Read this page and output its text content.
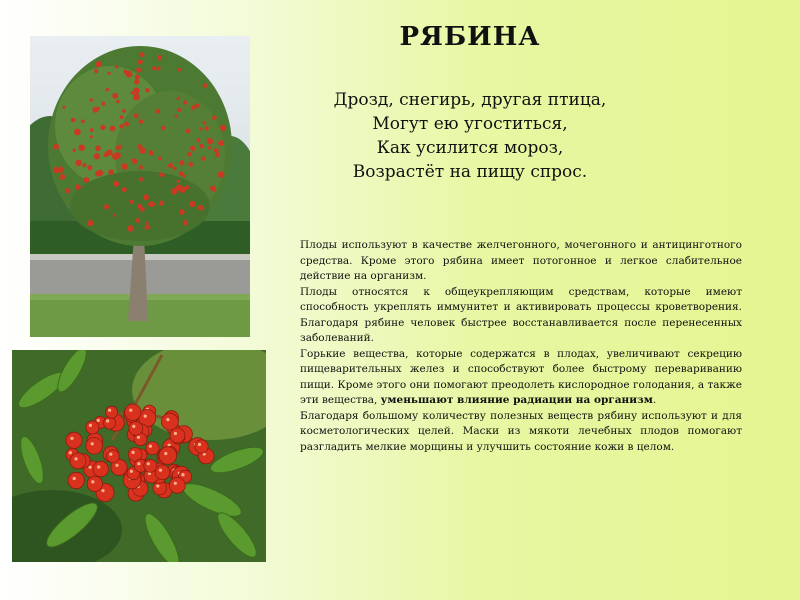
РЯБИНА
Дрозд, снегирь, другая птица,
Могут ею угоститься,
Как усилится мороз,
Возрастёт на пищу спрос.

Плоды используют в качестве желчегонного, мочегонного и антицинготного средства. Кроме этого рябина имеет потогонное и легкое слабительное действие на организм.

Плоды относятся к общеукрепляющим средствам, которые имеют способность укреплять иммунитет и активировать процессы кроветворения. Благодаря рябине человек быстрее восстанавливается после перенесенных заболеваний.

Горькие вещества, которые содержатся в плодах, увеличивают секрецию пищеварительных желез и способствуют более быстрому перевариванию пищи. Кроме этого они помогают преодолеть кислородное голодания, а также эти вещества, уменьшают влияние радиации на организм.

Благодаря большому количеству полезных веществ рябину используют и для косметологических целей. Маски из мякоти лечебных плодов помогают разгладить мелкие морщины и улучшить состояние кожи в целом.
